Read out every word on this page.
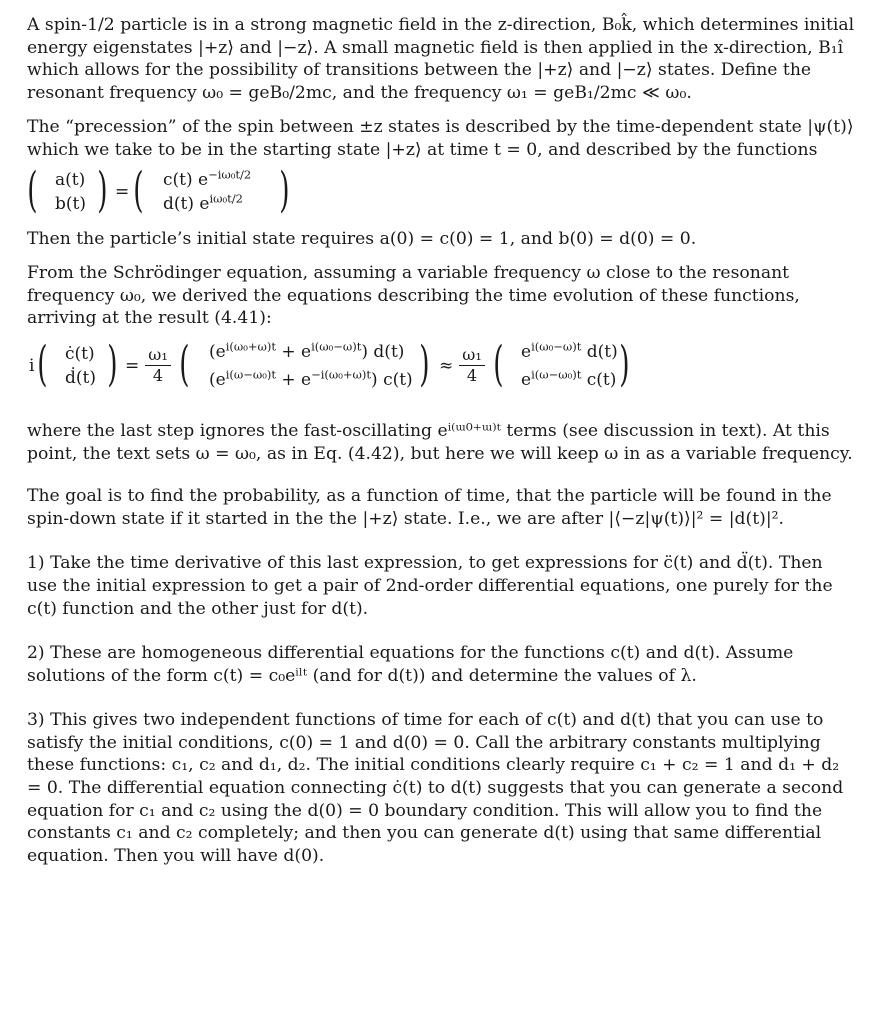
A spin-1/2 particle is in a strong magnetic field in the z-direction, B₀k̂, which determines initial energy eigenstates |+z⟩ and |−z⟩. A small magnetic field is then applied in the x-direction, B₁î which allows for the possibility of transitions between the |+z⟩ and |−z⟩ states. Define the resonant frequency ω₀ = geB₀/2mc, and the frequency ω₁ = geB₁/2mc ≪ ω₀.

The “precession” of the spin between ±z states is described by the time-dependent state |ψ(t)⟩ which we take to be in the starting state |+z⟩ at time t = 0, and described by the functions

( a(t)
b(t) ) = ( c(t) $e^{-i\omega_0t/2}$
d(t) $e^{i\omega_0t/2}$ )

Then the particle’s initial state requires a(0) = c(0) = 1, and b(0) = d(0) = 0.

From the Schrödinger equation, assuming a variable frequency ω close to the resonant frequency ω₀, we derived the equations describing the time evolution of these functions, arriving at the result (4.41):

i ( ċ(t)
ḋ(t) ) =
ω₁
4 ( $(e^{i(\omega_0+\omega)t} + e^{i(\omega_0-\omega)t})$ d(t)
$(e^{i(\omega-\omega_0)t} + e^{-i(\omega_0+\omega)t})$ c(t) ) ≈
ω₁
4 ( $e^{i(\omega_0-\omega)t}$ d(t)
$e^{i(\omega-\omega_0)t}$ c(t) )

where the last step ignores the fast-oscillating eⁱ⁽ᵚ⁰⁺ᵚ⁾ᵗ terms (see discussion in text). At this point, the text sets ω = ω₀, as in Eq. (4.42), but here we will keep ω in as a variable frequency.

The goal is to find the probability, as a function of time, that the particle will be found in the spin-down state if it started in the the |+z⟩ state. I.e., we are after |⟨−z|ψ(t)⟩|² = |d(t)|².

1) Take the time derivative of this last expression, to get expressions for c̈(t) and d̈(t). Then use the initial expression to get a pair of 2nd-order differential equations, one purely for the c(t) function and the other just for d(t).

2) These are homogeneous differential equations for the functions c(t) and d(t). Assume solutions of the form c(t) = c₀eⁱˡᵗ (and for d(t)) and determine the values of λ.

3) This gives two independent functions of time for each of c(t) and d(t) that you can use to satisfy the initial conditions, c(0) = 1 and d(0) = 0. Call the arbitrary constants multiplying these functions: c₁, c₂ and d₁, d₂. The initial conditions clearly require c₁ + c₂ = 1 and d₁ + d₂ = 0. The differential equation connecting ċ(t) to d(t) suggests that you can generate a second equation for c₁ and c₂ using the d(0) = 0 boundary condition. This will allow you to find the constants c₁ and c₂ completely; and then you can generate d(t) using that same differential equation. Then you will have d(0).
